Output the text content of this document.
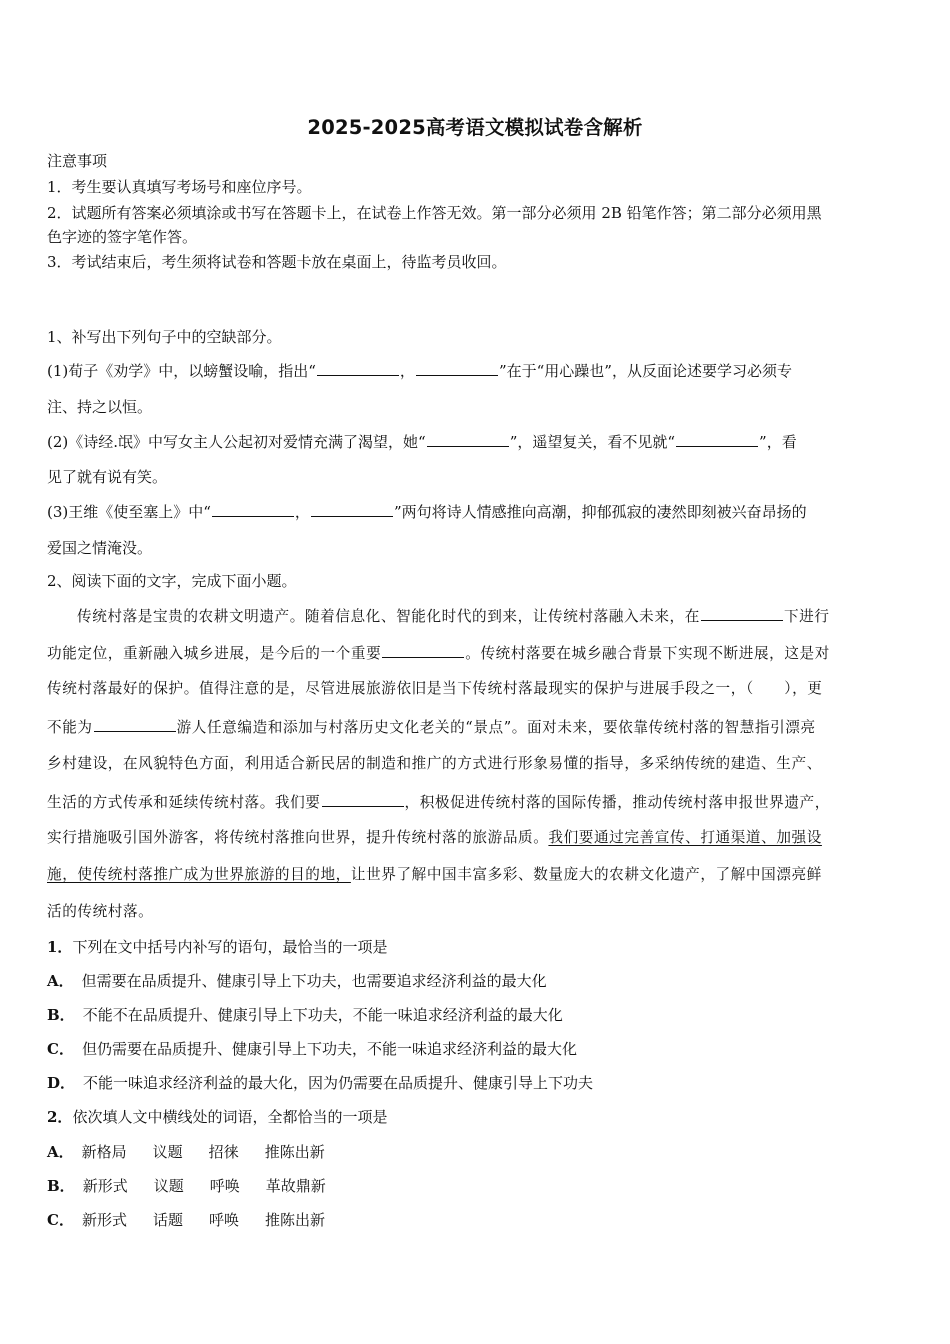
2025-2025高考语文模拟试卷含解析
注意事项
1．考生要认真填写考场号和座位序号。
2．试题所有答案必须填涂或书写在答题卡上，在试卷上作答无效。第一部分必须用 2B 铅笔作答；第二部分必须用黑
色字迹的签字笔作答。
3．考试结束后，考生须将试卷和答题卡放在桌面上，待监考员收回。
1、补写出下列句子中的空缺部分。
(1)荀子《劝学》中，以螃蟹设喻，指出“	，	”在于“用心躁也”，从反面论述要学习必须专
注、持之以恒。
(2)《诗经.氓》中写女主人公起初对爱情充满了渴望，她“	”，遥望复关，看不见就“	”，看
见了就有说有笑。
(3)王维《使至塞上》中“	，	”两句将诗人情感推向高潮，抑郁孤寂的凄然即刻被兴奋昂扬的
爱国之情淹没。
2、阅读下面的文字，完成下面小题。
传统村落是宝贵的农耕文明遗产。随着信息化、智能化时代的到来，让传统村落融入未来，在	下进行
功能定位，重新融入城乡进展，是今后的一个重要	。传统村落要在城乡融合背景下实现不断进展，这是对
传统村落最好的保护。值得注意的是，尽管进展旅游依旧是当下传统村落最现实的保护与进展手段之一，（　　），更
不能为	游人任意编造和添加与村落历史文化老关的“景点”。面对未来，要依靠传统村落的智慧指引漂亮
乡村建设，在风貌特色方面，利用适合新民居的制造和推广的方式进行形象易懂的指导，多采纳传统的建造、生产、
生活的方式传承和延续传统村落。我们要	，积极促进传统村落的国际传播，推动传统村落申报世界遗产，
实行措施吸引国外游客，将传统村落推向世界，提升传统村落的旅游品质。我们要通过完善宣传、打通渠道、加强设
施，使传统村落推广成为世界旅游的目的地，让世界了解中国丰富多彩、数量庞大的农耕文化遗产，了解中国漂亮鲜
活的传统村落。
1．下列在文中括号内补写的语句，最恰当的一项是
A． 但需要在品质提升、健康引导上下功夫，也需要追求经济利益的最大化
B． 不能不在品质提升、健康引导上下功夫，不能一味追求经济利益的最大化
C． 但仍需要在品质提升、健康引导上下功夫，不能一味追求经济利益的最大化
D． 不能一味追求经济利益的最大化，因为仍需要在品质提升、健康引导上下功夫
2．依次填人文中横线处的词语，全都恰当的一项是
A． 新格局 议题 招徕 推陈出新
B． 新形式 议题 呼唤 革故鼎新
C． 新形式 话题 呼唤 推陈出新
